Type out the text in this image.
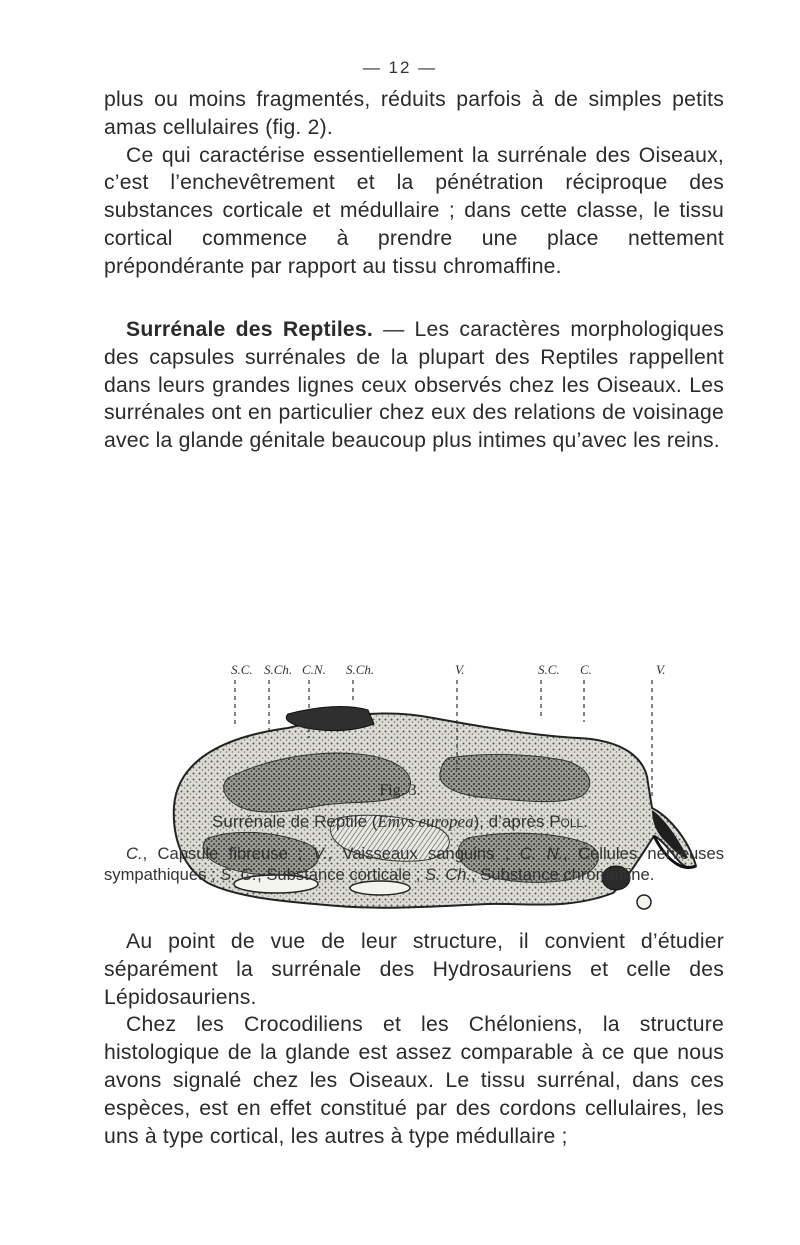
— 12 —

plus ou moins fragmentés, réduits parfois à de simples petits amas cellulaires (fig. 2).

Ce qui caractérise essentiellement la surrénale des Oiseaux, c’est l’enchevêtrement et la pénétration réciproque des substances corticale et médullaire ; dans cette classe, le tissu cortical commence à prendre une place nettement prépondérante par rapport au tissu chromaffine.

Surrénale des Reptiles. — Les caractères morphologiques des capsules surrénales de la plupart des Reptiles rappellent dans leurs grandes lignes ceux observés chez les Oiseaux. Les surrénales ont en particulier chez eux des relations de voisinage avec la glande génitale beaucoup plus intimes qu’avec les reins.

S.C. S.Ch. C.N. S.Ch.	V.	S.C. C.	V.
Fig. 3.
Surrénale de Reptile (Emys europea), d’après Poll.
C., Capsule fibreuse ; V., Vaisseaux sanguins ; C. N., Cellules nerveuses sympathiques ; S. C., Substance corticale ; S. Ch., Substance chromaffine.

Au point de vue de leur structure, il convient d’étudier séparément la surrénale des Hydrosauriens et celle des Lépidosauriens.

Chez les Crocodiliens et les Chéloniens, la structure histologique de la glande est assez comparable à ce que nous avons signalé chez les Oiseaux. Le tissu surrénal, dans ces espèces, est en effet constitué par des cordons cellulaires, les uns à type cortical, les autres à type médullaire ;
